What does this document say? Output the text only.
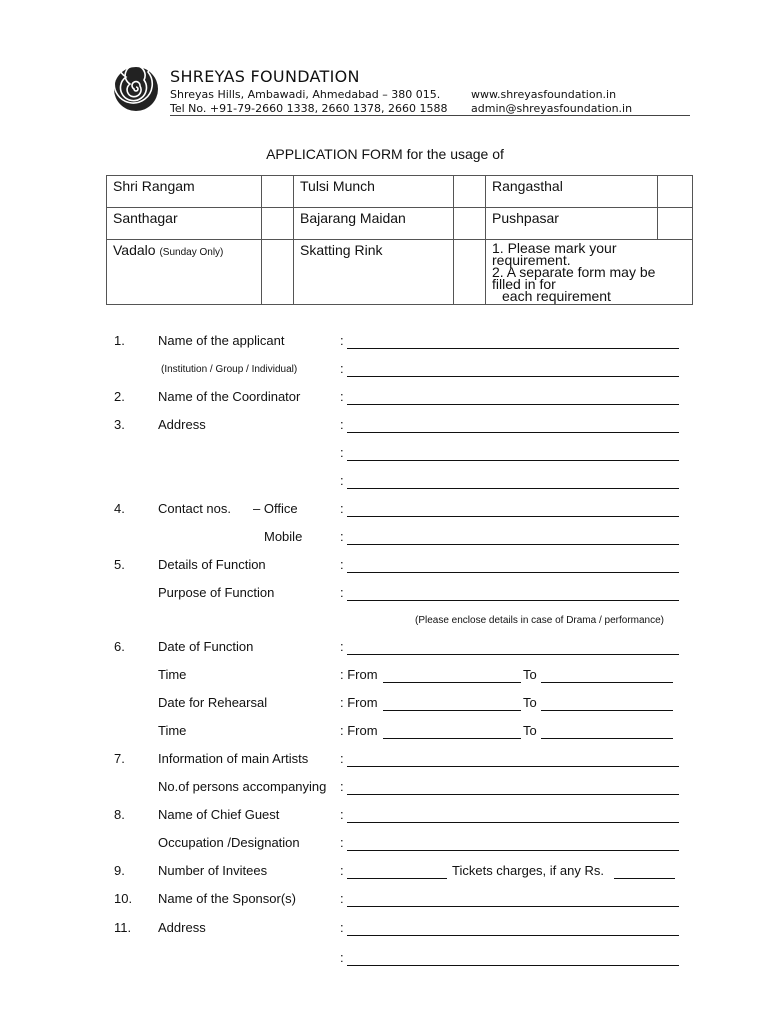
SHREYAS FOUNDATION
Shreyas Hills, Ambawadi, Ahmedabad – 380 015.	www.shreyasfoundation.in
Tel No. +91-79-2660 1338, 2660 1378, 2660 1588 admin@shreyasfoundation.in
APPLICATION FORM for the usage of
Shri Rangam		Tulsi Munch		Rangasthal	
Santhagar		Bajarang Maidan		Pushpasar	
Vadalo (Sunday Only)		Skatting Rink		1. Please mark your requirement.
2. A separate form may be filled in for
each requirement	
1.	Name of the applicant	:
(Institution / Group / Individual)	:
2.	Name of the Coordinator	:
3.	Address	:
:
:
4.	Contact nos. – Office	:
Mobile	:
5.	Details of Function	:
Purpose of Function	:
(Please enclose details in case of Drama / performance)
6.	Date of Function	:
Time	: From	To
Date for Rehearsal	: From	To
Time	: From	To
7.	Information of main Artists :
No.of persons accompanying :
8.	Name of Chief Guest	:
Occupation /Designation	:
9.	Number of Invitees	:	Tickets charges, if any Rs.
10. Name of the Sponsor(s)	:
11. Address	:
:
